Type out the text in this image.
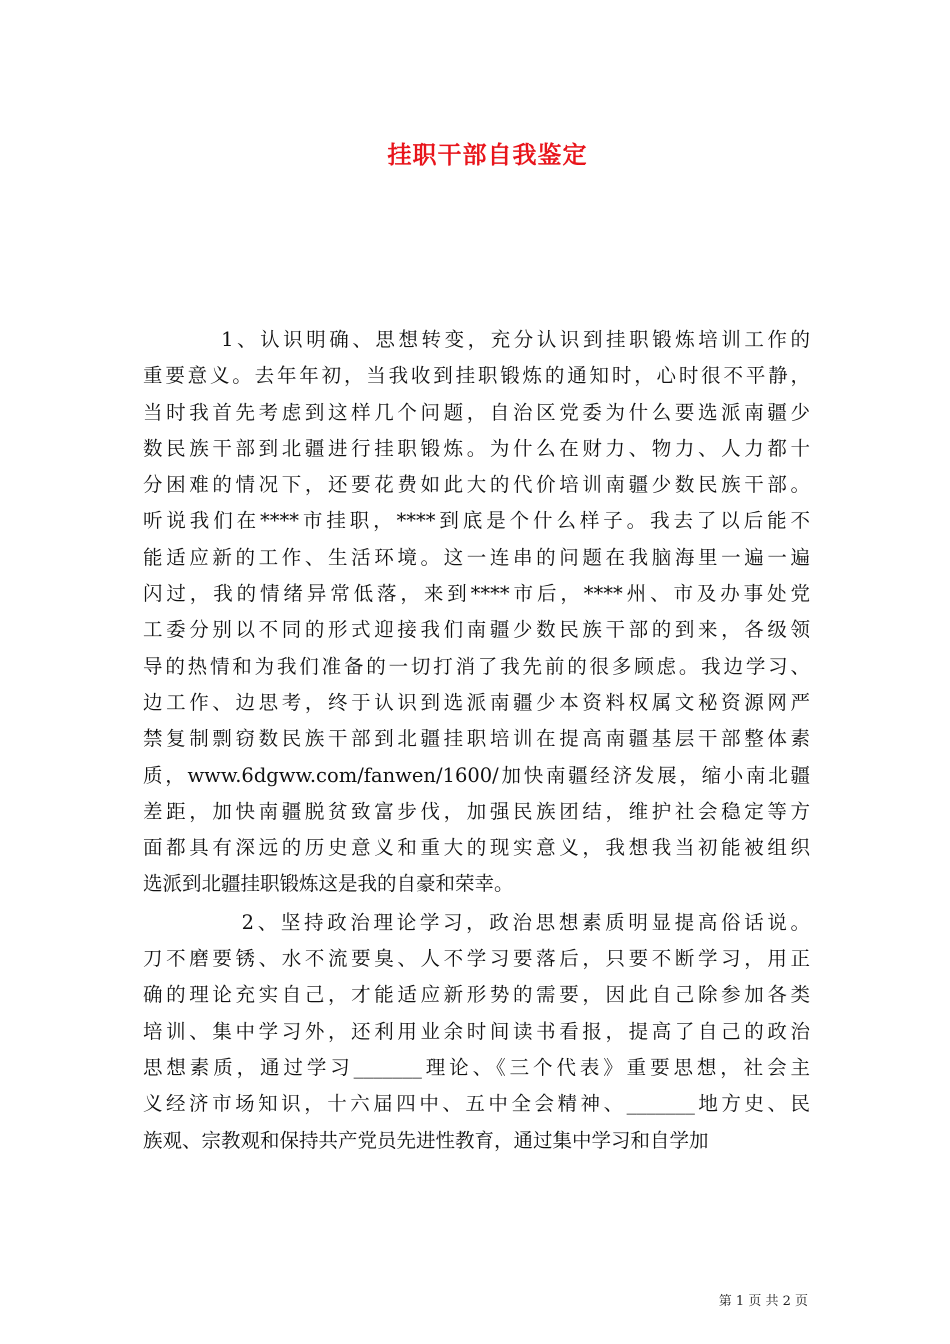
挂职干部自我鉴定
1、认识明确、思想转变，充分认识到挂职锻炼培训工作的
重要意义。去年年初，当我收到挂职锻炼的通知时，心时很不平静，
当时我首先考虑到这样几个问题，自治区党委为什么要选派南疆少
数民族干部到北疆进行挂职锻炼。为什么在财力、物力、人力都十
分困难的情况下，还要花费如此大的代价培训南疆少数民族干部。
听说我们在****市挂职，****到底是个什么样子。我去了以后能不
能适应新的工作、生活环境。这一连串的问题在我脑海里一遍一遍
闪过，我的情绪异常低落，来到****市后，****州、市及办事处党
工委分别以不同的形式迎接我们南疆少数民族干部的到来，各级领
导的热情和为我们准备的一切打消了我先前的很多顾虑。我边学习、
边工作、边思考，终于认识到选派南疆少本资料权属文秘资源网严
禁复制剽窃数民族干部到北疆挂职培训在提高南疆基层干部整体素
质，www.6dgww.com/fanwen/1600/加快南疆经济发展，缩小南北疆
差距，加快南疆脱贫致富步伐，加强民族团结，维护社会稳定等方
面都具有深远的历史意义和重大的现实意义，我想我当初能被组织
选派到北疆挂职锻炼这是我的自豪和荣幸。
2、坚持政治理论学习，政治思想素质明显提高俗话说。
刀不磨要锈、水不流要臭、人不学习要落后，只要不断学习，用正
确的理论充实自己，才能适应新形势的需要，因此自己除参加各类
培训、集中学习外，还利用业余时间读书看报，提高了自己的政治
思想素质，通过学习_______理论、《三个代表》重要思想，社会主
义经济市场知识，十六届四中、五中全会精神、_______地方史、民
族观、宗教观和保持共产党员先进性教育，通过集中学习和自学加
第 1 页 共 2 页
